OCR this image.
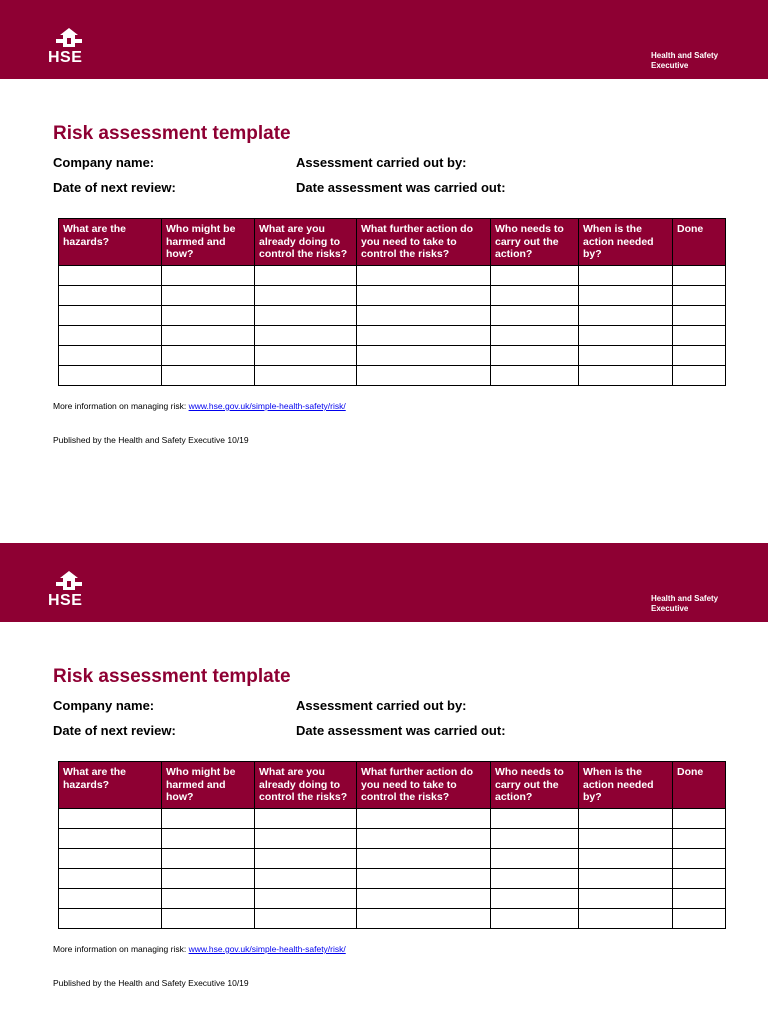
HSE	Health and Safety
Executive
Risk assessment template
Company name:	Assessment carried out by:
Date of next review:	Date assessment was carried out:
What are the hazards?	Who might be harmed and how?	What are you already doing to control the risks?	What further action do you need to take to control the risks?	Who needs to carry out the action?	When is the action needed by?	Done

More information on managing risk: www.hse.gov.uk/simple-health-safety/risk/
Published by the Health and Safety Executive 10/19
HSE	Health and Safety
Executive
Risk assessment template
Company name:	Assessment carried out by:
Date of next review:	Date assessment was carried out:
What are the hazards?	Who might be harmed and how?	What are you already doing to control the risks?	What further action do you need to take to control the risks?	Who needs to carry out the action?	When is the action needed by?	Done

More information on managing risk: www.hse.gov.uk/simple-health-safety/risk/
Published by the Health and Safety Executive 10/19
